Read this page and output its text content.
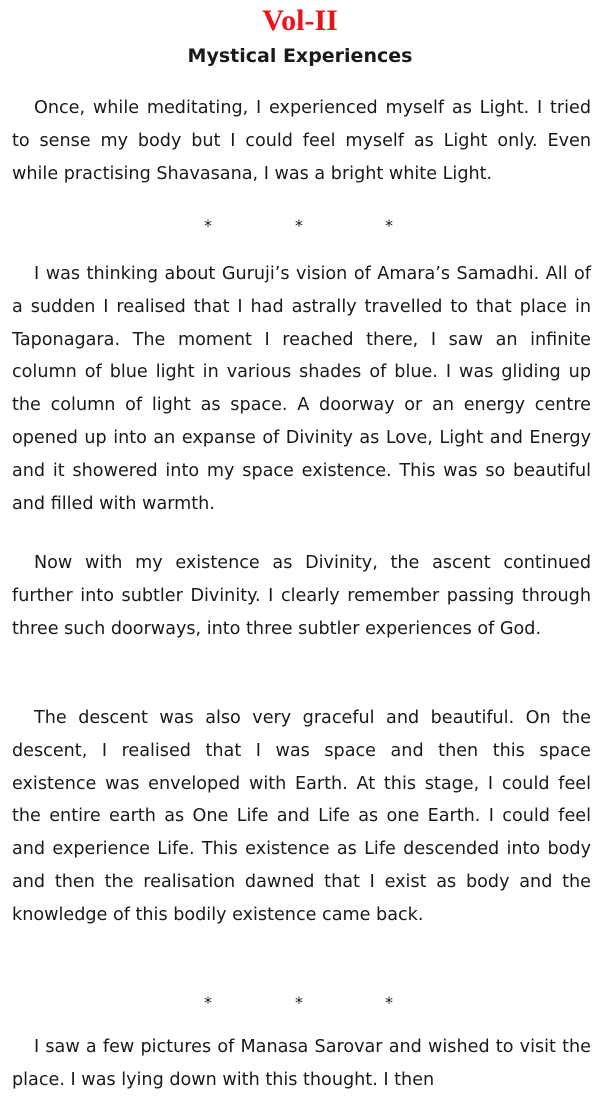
Vol-II
Mystical Experiences

Once, while meditating, I experienced myself as Light. I tried to sense my body but I could feel myself as Light only. Even while practising Shavasana, I was a bright white Light.

*	*	*

I was thinking about Guruji’s vision of Amara’s Samadhi. All of a sudden I realised that I had astrally travelled to that place in Taponagara. The moment I reached there, I saw an infinite column of blue light in various shades of blue. I was gliding up the column of light as space. A doorway or an energy centre opened up into an expanse of Divinity as Love, Light and Energy and it showered into my space existence. This was so beautiful and filled with warmth.

Now with my existence as Divinity, the ascent continued further into subtler Divinity. I clearly remember passing through three such doorways, into three subtler experiences of God.

The descent was also very graceful and beautiful. On the descent, I realised that I was space and then this space existence was enveloped with Earth. At this stage, I could feel the entire earth as One Life and Life as one Earth. I could feel and experience Life. This existence as Life descended into body and then the realisation dawned that I exist as body and the knowledge of this bodily existence came back.

*	*	*

I saw a few pictures of Manasa Sarovar and wished to visit the place. I was lying down with this thought. I then
